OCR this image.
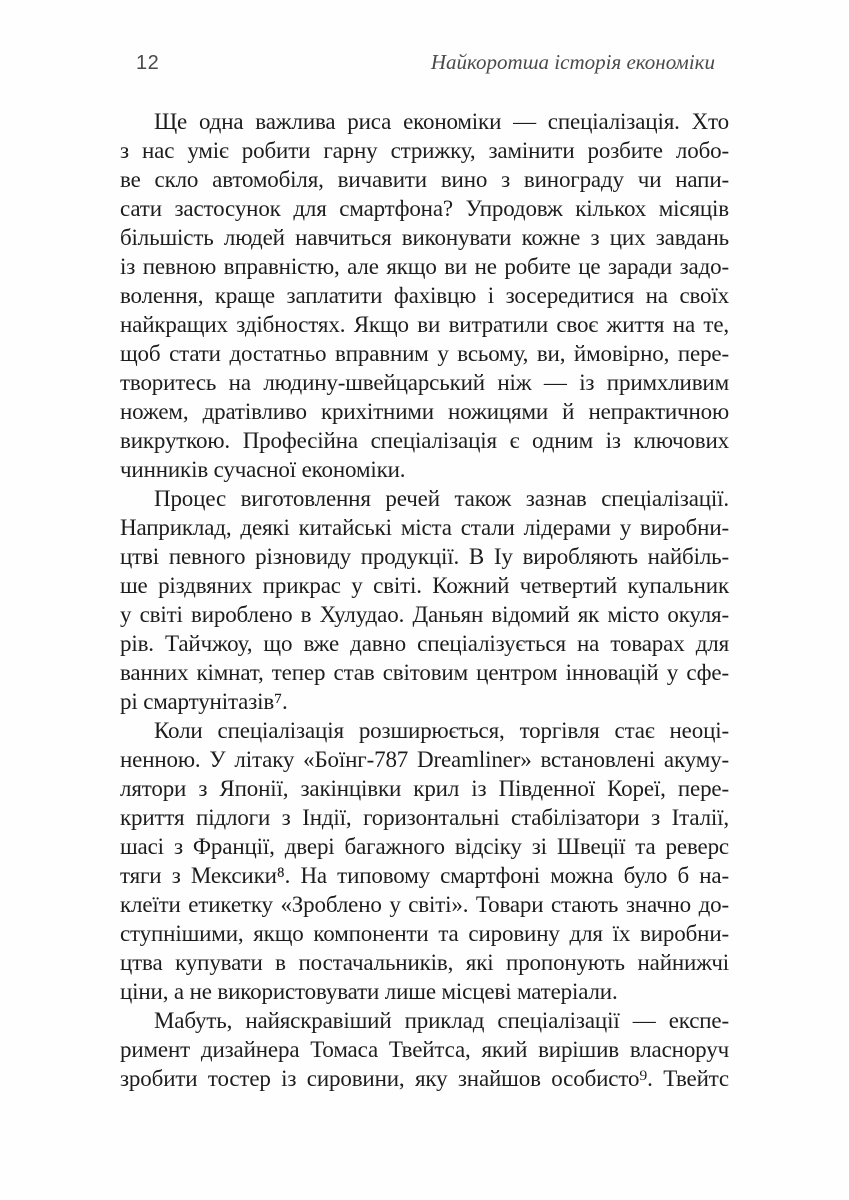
12	Найкоротша історія економіки
Ще одна важлива риса економіки — спеціалізація. Хто
з нас уміє робити гарну стрижку, замінити розбите лобо-
ве скло автомобіля, вичавити вино з винограду чи напи-
сати застосунок для смартфона? Упродовж кількох місяців
більшість людей навчиться виконувати кожне з цих завдань
із певною вправністю, але якщо ви не робите це заради задо-
волення, краще заплатити фахівцю і зосередитися на своїх
найкращих здібностях. Якщо ви витратили своє життя на те,
щоб стати достатньо вправним у всьому, ви, ймовірно, пере-
творитесь на людину-швейцарський ніж — із примхливим
ножем, дратівливо крихітними ножицями й непрактичною
викруткою. Професійна спеціалізація є одним із ключових
чинників сучасної економіки.
Процес виготовлення речей також зазнав спеціалізації.
Наприклад, деякі китайські міста стали лідерами у виробни-
цтві певного різновиду продукції. В Іу виробляють найбіль-
ше різдвяних прикрас у світі. Кожний четвертий купальник
у світі вироблено в Хулудао. Даньян відомий як місто окуля-
рів. Тайчжоу, що вже давно спеціалізується на товарах для
ванних кімнат, тепер став світовим центром інновацій у сфе-
рі смартунітазів⁷.
Коли спеціалізація розширюється, торгівля стає неоці-
ненною. У літаку «Боїнг-787 Dreamliner» встановлені акуму-
лятори з Японії, закінцівки крил із Південної Кореї, пере-
криття підлоги з Індії, горизонтальні стабілізатори з Італії,
шасі з Франції, двері багажного відсіку зі Швеції та реверс
тяги з Мексики⁸. На типовому смартфоні можна було б на-
клеїти етикетку «Зроблено у світі». Товари стають значно до-
ступнішими, якщо компоненти та сировину для їх виробни-
цтва купувати в постачальників, які пропонують найнижчі
ціни, а не використовувати лише місцеві матеріали.
Мабуть, найяскравіший приклад спеціалізації — експе-
римент дизайнера Томаса Твейтса, який вирішив власноруч
зробити тостер із сировини, яку знайшов особисто⁹. Твейтс
